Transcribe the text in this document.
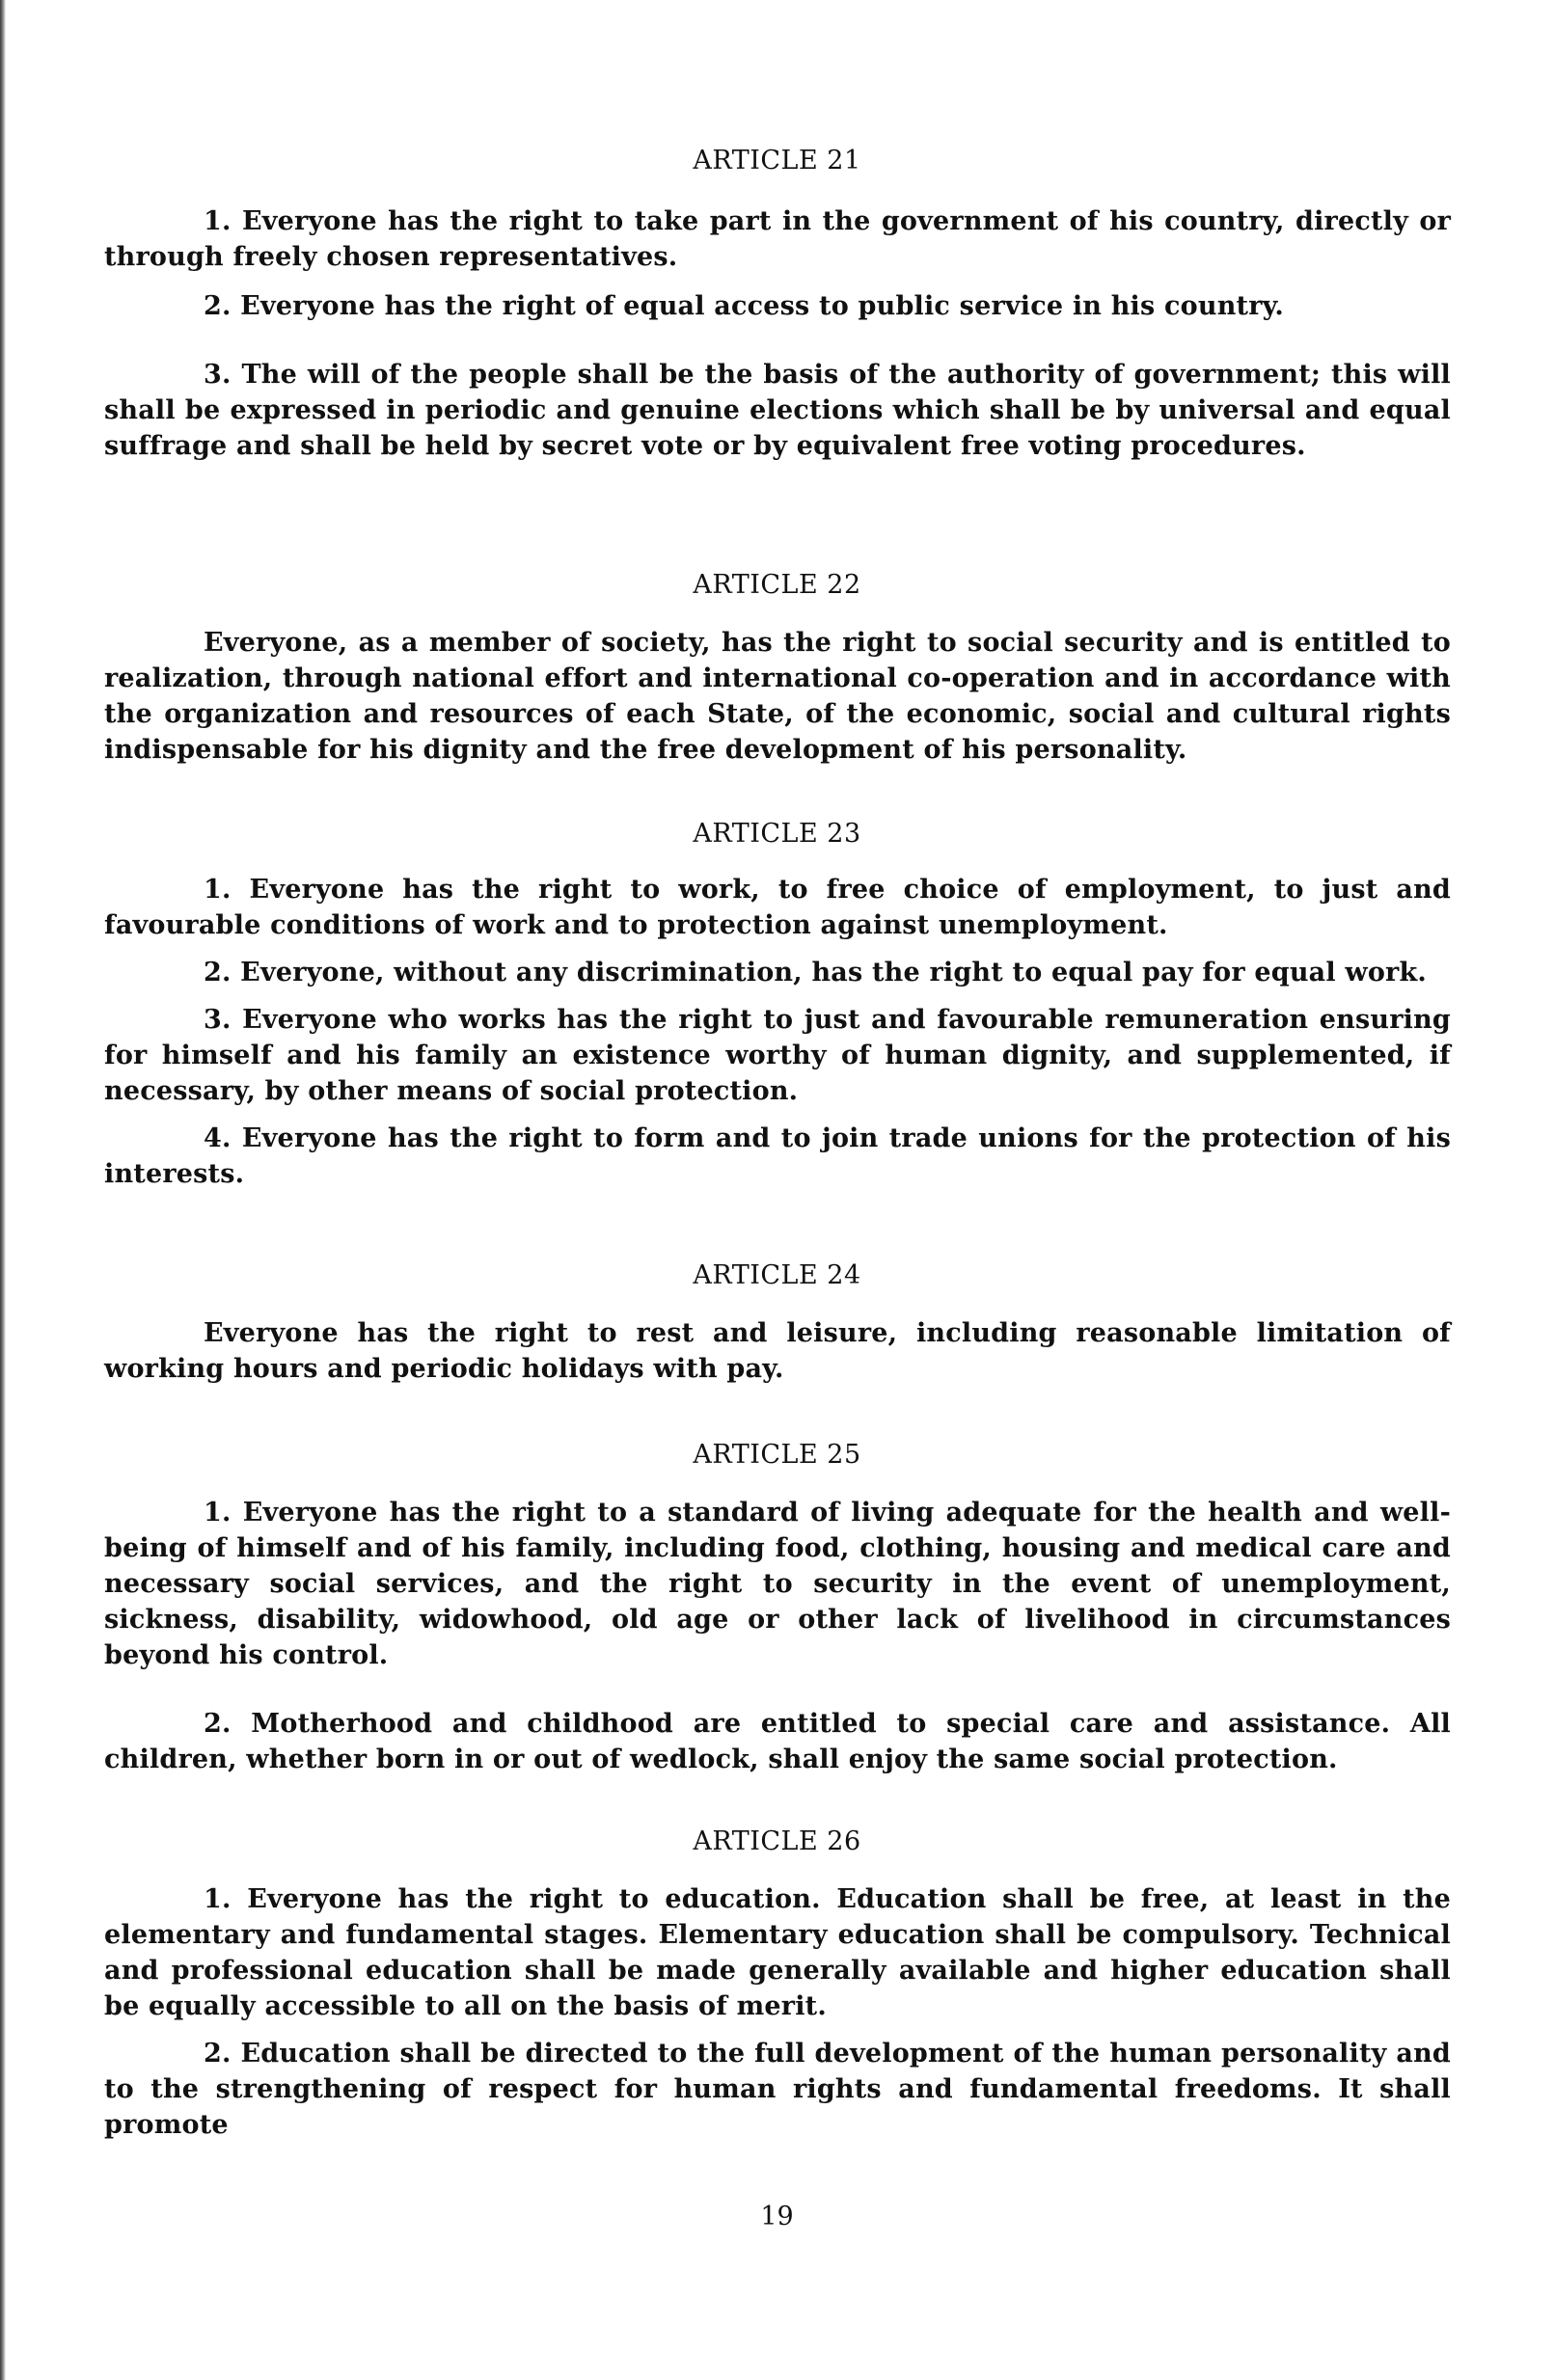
ARTICLE 21

1. Everyone has the right to take part in the government of his country, directly or through freely chosen representatives.

2. Everyone has the right of equal access to public service in his country.

3. The will of the people shall be the basis of the authority of government; this will shall be expressed in periodic and genuine elections which shall be by universal and equal suffrage and shall be held by secret vote or by equivalent free voting procedures.

ARTICLE 22

Everyone, as a member of society, has the right to social security and is entitled to realization, through national effort and international co-operation and in accordance with the organization and resources of each State, of the economic, social and cultural rights indispensable for his dignity and the free development of his personality.

ARTICLE 23

1. Everyone has the right to work, to free choice of employment, to just and favourable conditions of work and to protection against unemployment.

2. Everyone, without any discrimination, has the right to equal pay for equal work.

3. Everyone who works has the right to just and favourable remuneration ensuring for himself and his family an existence worthy of human dignity, and supplemented, if necessary, by other means of social protection.

4. Everyone has the right to form and to join trade unions for the protection of his interests.

ARTICLE 24

Everyone has the right to rest and leisure, including reasonable limitation of working hours and periodic holidays with pay.

ARTICLE 25

1. Everyone has the right to a standard of living adequate for the health and well-being of himself and of his family, including food, clothing, housing and medical care and necessary social services, and the right to security in the event of unemployment, sickness, disability, widowhood, old age or other lack of livelihood in circumstances beyond his control.

2. Motherhood and childhood are entitled to special care and assistance. All children, whether born in or out of wedlock, shall enjoy the same social protection.

ARTICLE 26

1. Everyone has the right to education. Education shall be free, at least in the elementary and fundamental stages. Elementary education shall be compulsory. Technical and professional education shall be made generally available and higher education shall be equally accessible to all on the basis of merit.

2. Education shall be directed to the full development of the human personality and to the strengthening of respect for human rights and fundamental freedoms. It shall promote

19
